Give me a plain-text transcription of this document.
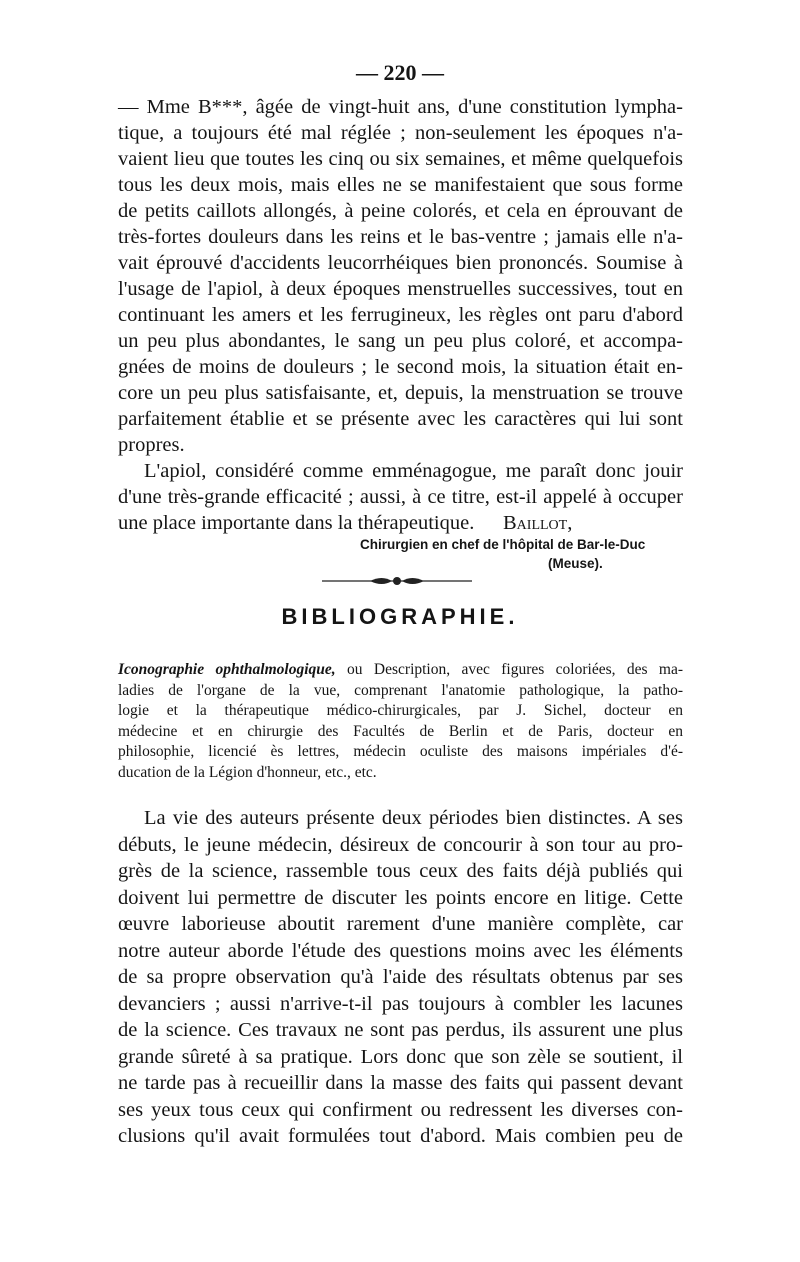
— 220 —
— Mme B***, âgée de vingt-huit ans, d'une constitution lympha-
tique, a toujours été mal réglée ; non-seulement les époques n'a-
vaient lieu que toutes les cinq ou six semaines, et même quelquefois
tous les deux mois, mais elles ne se manifestaient que sous forme
de petits caillots allongés, à peine colorés, et cela en éprouvant de
très-fortes douleurs dans les reins et le bas-ventre ; jamais elle n'a-
vait éprouvé d'accidents leucorrhéiques bien prononcés. Soumise à
l'usage de l'apiol, à deux époques menstruelles successives, tout en
continuant les amers et les ferrugineux, les règles ont paru d'abord
un peu plus abondantes, le sang un peu plus coloré, et accompa-
gnées de moins de douleurs ; le second mois, la situation était en-
core un peu plus satisfaisante, et, depuis, la menstruation se trouve
parfaitement établie et se présente avec les caractères qui lui sont
propres.
L'apiol, considéré comme emménagogue, me paraît donc jouir
d'une très-grande efficacité ; aussi, à ce titre, est-il appelé à occuper
une place importante dans la thérapeutique. Baillot,
Chirurgien en chef de l'hôpital de Bar-le-Duc
(Meuse).
BIBLIOGRAPHIE.
Iconographie ophthalmologique, ou Description, avec figures coloriées, des ma-
ladies de l'organe de la vue, comprenant l'anatomie pathologique, la patho-
logie et la thérapeutique médico-chirurgicales, par J. Sichel, docteur en
médecine et en chirurgie des Facultés de Berlin et de Paris, docteur en
philosophie, licencié ès lettres, médecin oculiste des maisons impériales d'é-
ducation de la Légion d'honneur, etc., etc.
La vie des auteurs présente deux périodes bien distinctes. A ses
débuts, le jeune médecin, désireux de concourir à son tour au pro-
grès de la science, rassemble tous ceux des faits déjà publiés qui
doivent lui permettre de discuter les points encore en litige. Cette
œuvre laborieuse aboutit rarement d'une manière complète, car
notre auteur aborde l'étude des questions moins avec les éléments
de sa propre observation qu'à l'aide des résultats obtenus par ses
devanciers ; aussi n'arrive-t-il pas toujours à combler les lacunes
de la science. Ces travaux ne sont pas perdus, ils assurent une plus
grande sûreté à sa pratique. Lors donc que son zèle se soutient, il
ne tarde pas à recueillir dans la masse des faits qui passent devant
ses yeux tous ceux qui confirment ou redressent les diverses con-
clusions qu'il avait formulées tout d'abord. Mais combien peu de
